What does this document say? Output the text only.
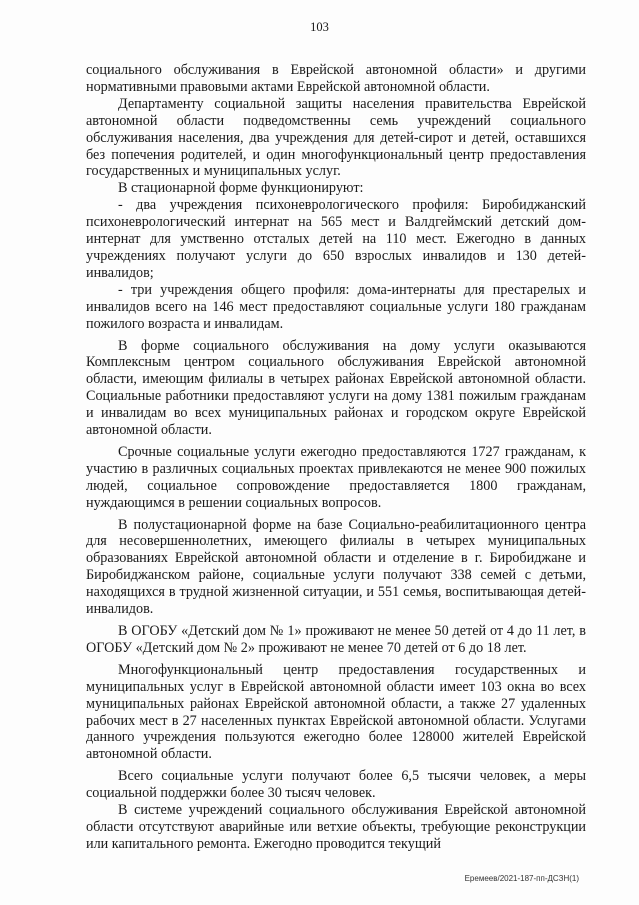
103

социального обслуживания в Еврейской автономной области» и другими нормативными правовыми актами Еврейской автономной области.

Департаменту социальной защиты населения правительства Еврейской автономной области подведомственны семь учреждений социального обслуживания населения, два учреждения для детей-сирот и детей, оставшихся без попечения родителей, и один многофункциональный центр предоставления государственных и муниципальных услуг.

В стационарной форме функционируют:

- два учреждения психоневрологического профиля: Биробиджанский психоневрологический интернат на 565 мест и Валдгеймский детский дом-интернат для умственно отсталых детей на 110 мест. Ежегодно в данных учреждениях получают услуги до 650 взрослых инвалидов и 130 детей-инвалидов;

- три учреждения общего профиля: дома-интернаты для престарелых и инвалидов всего на 146 мест предоставляют социальные услуги 180 гражданам пожилого возраста и инвалидам.

В форме социального обслуживания на дому услуги оказываются Комплексным центром социального обслуживания Еврейской автономной области, имеющим филиалы в четырех районах Еврейской автономной области. Социальные работники предоставляют услуги на дому 1381 пожилым гражданам и инвалидам во всех муниципальных районах и городском округе Еврейской автономной области.

Срочные социальные услуги ежегодно предоставляются 1727 гражданам, к участию в различных социальных проектах привлекаются не менее 900 пожилых людей, социальное сопровождение предоставляется 1800 гражданам, нуждающимся в решении социальных вопросов.

В полустационарной форме на базе Социально-реабилитационного центра для несовершеннолетних, имеющего филиалы в четырех муниципальных образованиях Еврейской автономной области и отделение в г. Биробиджане и Биробиджанском районе, социальные услуги получают 338 семей с детьми, находящихся в трудной жизненной ситуации, и 551 семья, воспитывающая детей-инвалидов.

В ОГОБУ «Детский дом № 1» проживают не менее 50 детей от 4 до 11 лет, в ОГОБУ «Детский дом № 2» проживают не менее 70 детей от 6 до 18 лет.

Многофункциональный центр предоставления государственных и муниципальных услуг в Еврейской автономной области имеет 103 окна во всех муниципальных районах Еврейской автономной области, а также 27 удаленных рабочих мест в 27 населенных пунктах Еврейской автономной области. Услугами данного учреждения пользуются ежегодно более 128000 жителей Еврейской автономной области.

Всего социальные услуги получают более 6,5 тысячи человек, а меры социальной поддержки более 30 тысяч человек.

В системе учреждений социального обслуживания Еврейской автономной области отсутствуют аварийные или ветхие объекты, требующие реконструкции или капитального ремонта. Ежегодно проводится текущий

Еремеев/2021-187-пп-ДСЗН(1)
